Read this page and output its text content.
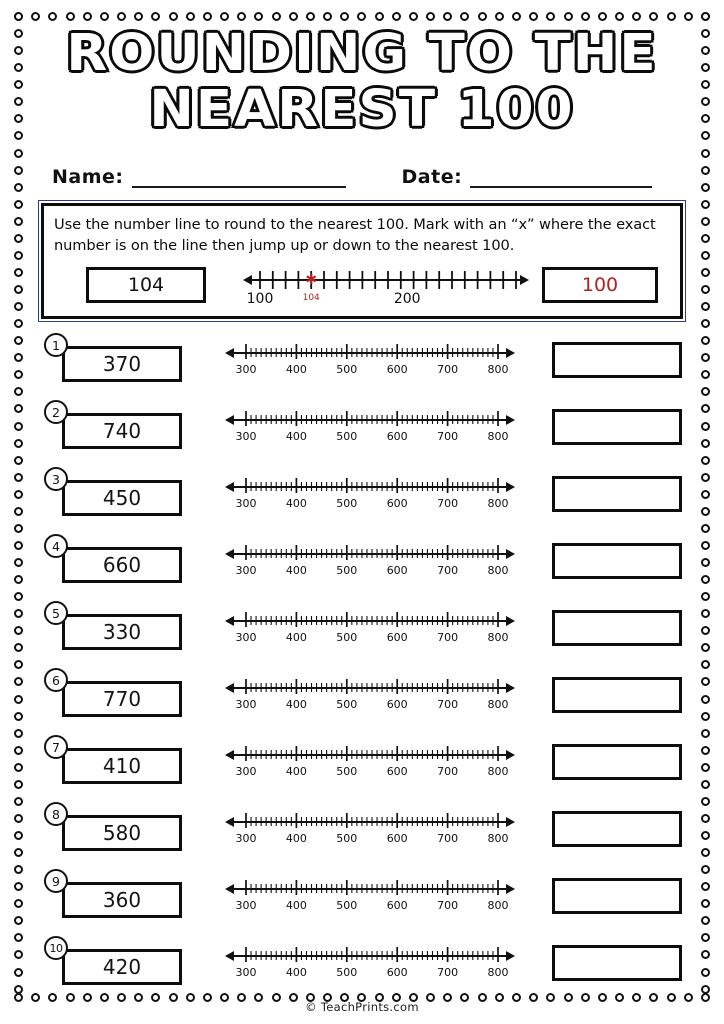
ROUNDING TO THE
NEAREST 100
Name:	Date:
Use the number line to round to the nearest 100. Mark with an “x” where the exact number is on the line then jump up or down to the nearest 100.
104
100	200
✱
104
100
1
370	300	400	500	600	700	800
2
740	300	400	500	600	700	800
3
450	300	400	500	600	700	800
4
660	300	400	500	600	700	800
5
330	300	400	500	600	700	800
6
770	300	400	500	600	700	800
7
410	300	400	500	600	700	800
8
580	300	400	500	600	700	800
9
360	300	400	500	600	700	800
10
420	300	400	500	600	700	800
© TeachPrints.com
